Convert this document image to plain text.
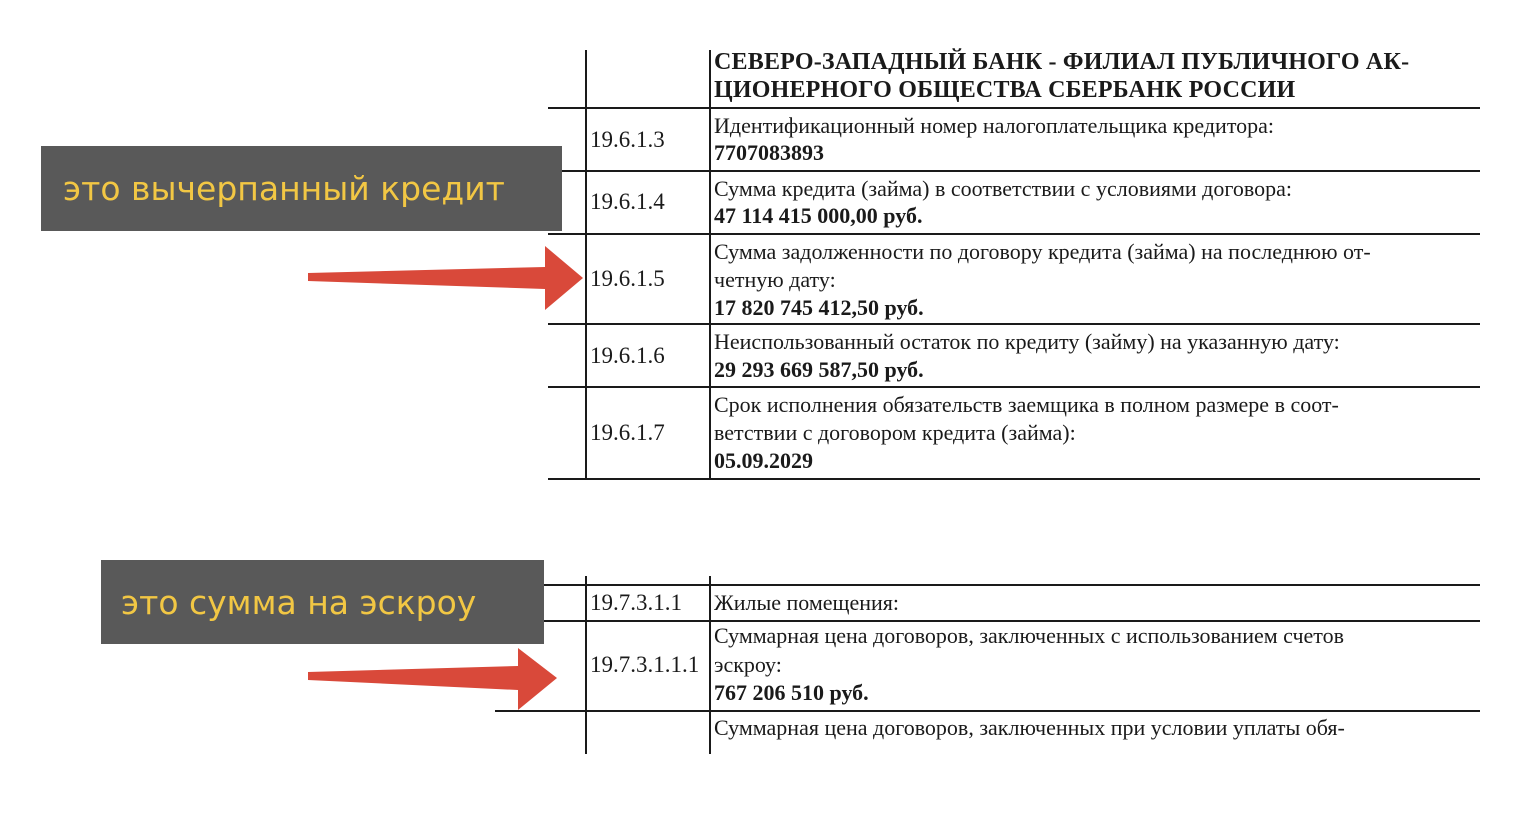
СЕВЕРО-ЗАПАДНЫЙ БАНК - ФИЛИАЛ ПУБЛИЧНОГО АК-
ЦИОНЕРНОГО ОБЩЕСТВА СБЕРБАНК РОССИИ
19.6.1.3
Идентификационный номер налогоплательщика кредитора:
7707083893
19.6.1.4
Сумма кредита (займа) в соответствии с условиями договора:
47 114 415 000,00 руб.
19.6.1.5
Сумма задолженности по договору кредита (займа) на последнюю от-
четную дату:
17 820 745 412,50 руб.
19.6.1.6
Неиспользованный остаток по кредиту (займу) на указанную дату:
29 293 669 587,50 руб.
19.6.1.7
Срок исполнения обязательств заемщика в полном размере в соот-
ветствии с договором кредита (займа):
05.09.2029
19.7.3.1.1 Жилые помещения:
19.7.3.1.1.1
Суммарная цена договоров, заключенных с использованием счетов
эскроу:
767 206 510 руб.
Суммарная цена договоров, заключенных при условии уплаты обя-
это вычерпанный кредит
это сумма на эскроу
